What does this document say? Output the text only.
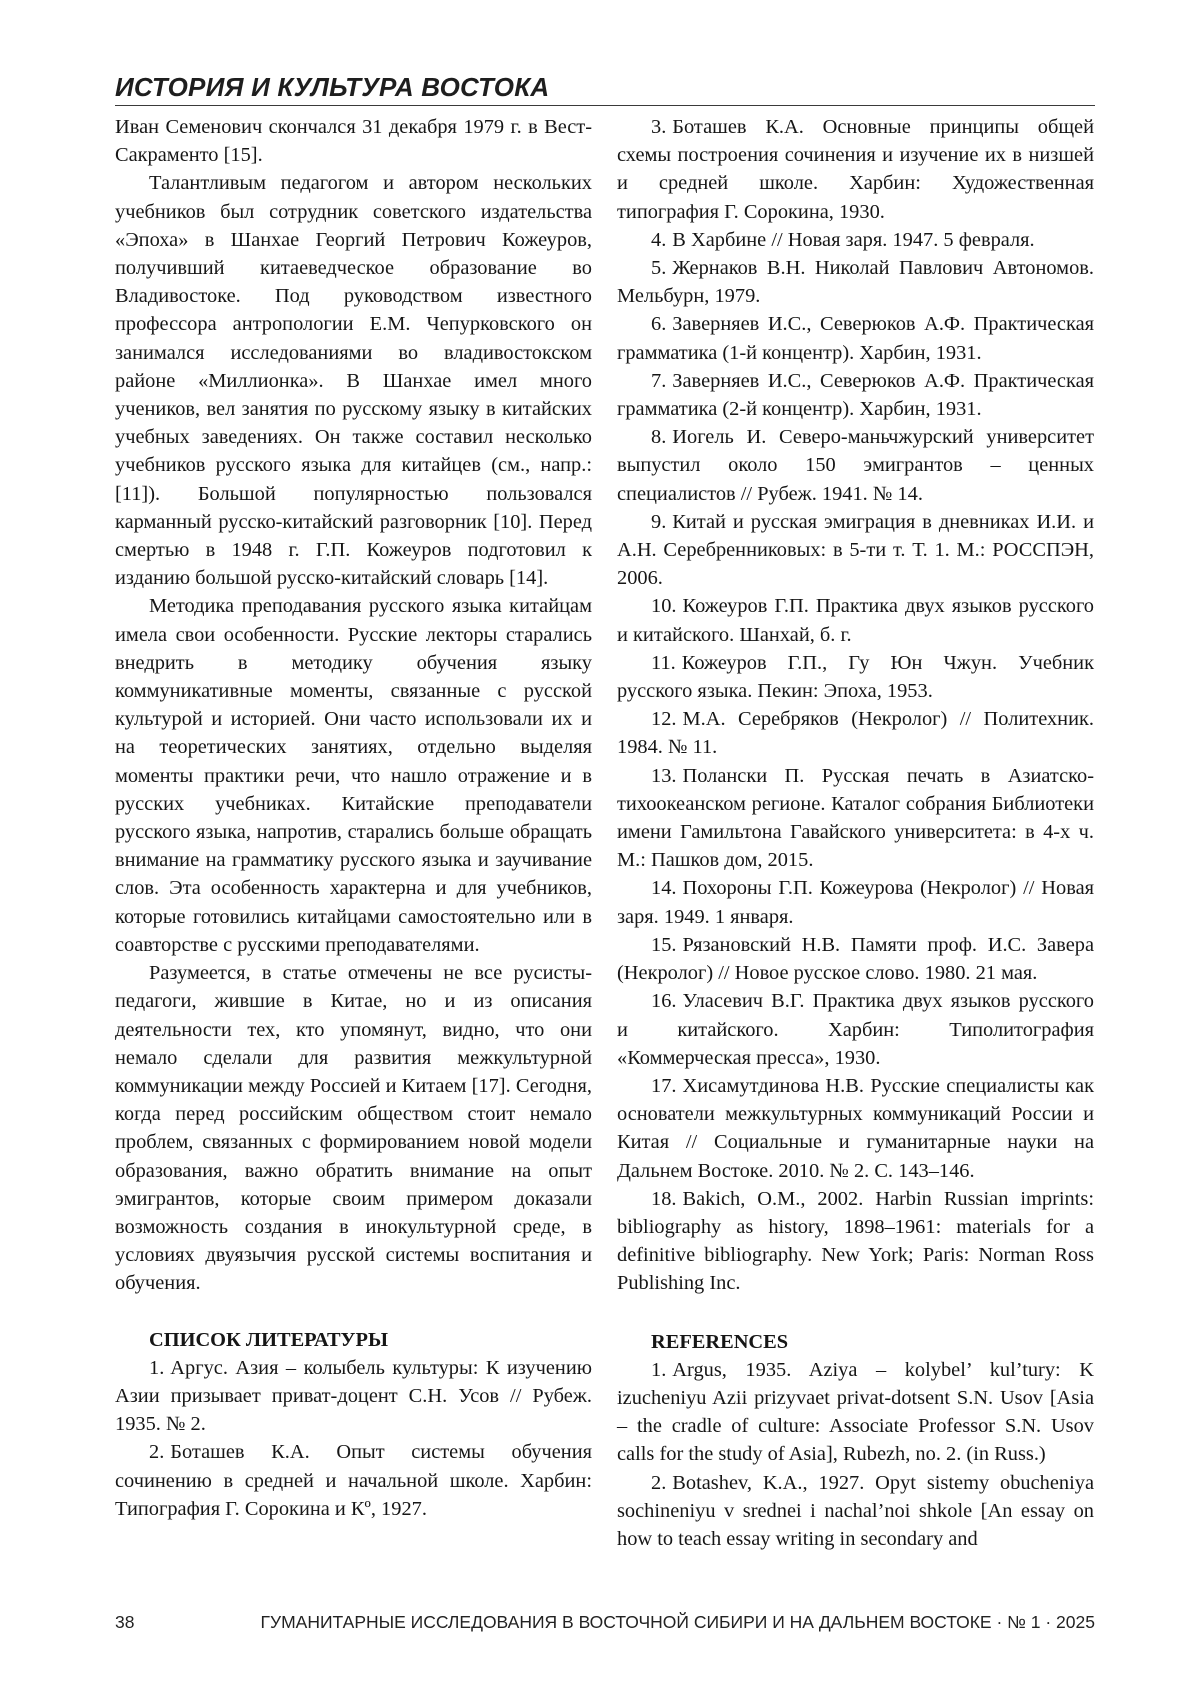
ИСТОРИЯ И КУЛЬТУРА ВОСТОКА

Иван Семенович скончался 31 декабря 1979 г. в Вест-Сакраменто [15].

Талантливым педагогом и автором нескольких учебников был сотрудник советского издательства «Эпоха» в Шанхае Георгий Петрович Кожеуров, получивший китаеведческое образование во Владивостоке. Под руководством известного профессора антропологии Е.М. Чепурковского он занимался исследованиями во владивостокском районе «Миллионка». В Шанхае имел много учеников, вел занятия по русскому языку в китайских учебных заведениях. Он также составил несколько учебников русского языка для китайцев (см., напр.: [11]). Большой популярностью пользовался карманный русско-китайский разговорник [10]. Перед смертью в 1948 г. Г.П. Кожеуров подготовил к изданию большой русско-китайский словарь [14].

Методика преподавания русского языка китайцам имела свои особенности. Русские лекторы старались внедрить в методику обучения языку коммуникативные моменты, связанные с русской культурой и историей. Они часто использовали их и на теоретических занятиях, отдельно выделяя моменты практики речи, что нашло отражение и в русских учебниках. Китайские преподаватели русского языка, напротив, старались больше обращать внимание на грамматику русского языка и заучивание слов. Эта особенность характерна и для учебников, которые готовились китайцами самостоятельно или в соавторстве с русскими преподавателями.

Разумеется, в статье отмечены не все русисты-педагоги, жившие в Китае, но и из описания деятельности тех, кто упомянут, видно, что они немало сделали для развития межкультурной коммуникации между Россией и Китаем [17]. Сегодня, когда перед российским обществом стоит немало проблем, связанных с формированием новой модели образования, важно обратить внимание на опыт эмигрантов, которые своим примером доказали возможность создания в инокультурной среде, в условиях двуязычия русской системы воспитания и обучения.

СПИСОК ЛИТЕРАТУРЫ
1. Аргус. Азия – колыбель культуры: К изучению Азии призывает приват-доцент С.Н. Усов // Рубеж. 1935. № 2.
2. Боташев К.А. Опыт системы обучения сочинению в средней и начальной школе. Харбин: Типография Г. Сорокина и Кº, 1927.
3. Боташев К.А. Основные принципы общей схемы построения сочинения и изучение их в низшей и средней школе. Харбин: Художественная типография Г. Сорокина, 1930.
4. В Харбине // Новая заря. 1947. 5 февраля.
5. Жернаков В.Н. Николай Павлович Автономов. Мельбурн, 1979.
6. Заверняев И.С., Северюков А.Ф. Практическая грамматика (1-й концентр). Харбин, 1931.
7. Заверняев И.С., Северюков А.Ф. Практическая грамматика (2-й концентр). Харбин, 1931.
8. Иогель И. Северо-маньчжурский университет выпустил около 150 эмигрантов – ценных специалистов // Рубеж. 1941. № 14.
9. Китай и русская эмиграция в дневниках И.И. и А.Н. Серебренниковых: в 5-ти т. Т. 1. М.: РОССПЭН, 2006.
10. Кожеуров Г.П. Практика двух языков русского и китайского. Шанхай, б. г.
11. Кожеуров Г.П., Гу Юн Чжун. Учебник русского языка. Пекин: Эпоха, 1953.
12. М.А. Серебряков (Некролог) // Политехник. 1984. № 11.
13. Полански П. Русская печать в Азиатско-тихоокеанском регионе. Каталог собрания Библиотеки имени Гамильтона Гавайского университета: в 4-х ч. М.: Пашков дом, 2015.
14. Похороны Г.П. Кожеурова (Некролог) // Новая заря. 1949. 1 января.
15. Рязановский Н.В. Памяти проф. И.С. Завера (Некролог) // Новое русское слово. 1980. 21 мая.
16. Уласевич В.Г. Практика двух языков русского и китайского. Харбин: Типолитография «Коммерческая пресса», 1930.
17. Хисамутдинова Н.В. Русские специалисты как основатели межкультурных коммуникаций России и Китая // Социальные и гуманитарные науки на Дальнем Востоке. 2010. № 2. С. 143–146.
18. Bakich, O.M., 2002. Harbin Russian imprints: bibliography as history, 1898–1961: materials for a definitive bibliography. New York; Paris: Norman Ross Publishing Inc.
REFERENCES
1. Argus, 1935. Aziya – kolybel’ kul’tury: K izucheniyu Azii prizyvaet privat-dotsent S.N. Usov [Asia – the cradle of culture: Associate Professor S.N. Usov calls for the study of Asia], Rubezh, no. 2. (in Russ.)
2. Botashev, K.A., 1927. Opyt sistemy obucheniya sochineniyu v srednei i nachal’noi shkole [An essay on how to teach essay writing in secondary and
38	ГУМАНИТАРНЫЕ ИССЛЕДОВАНИЯ В ВОСТОЧНОЙ СИБИРИ И НА ДАЛЬНЕМ ВОСТОКЕ · № 1 · 2025
